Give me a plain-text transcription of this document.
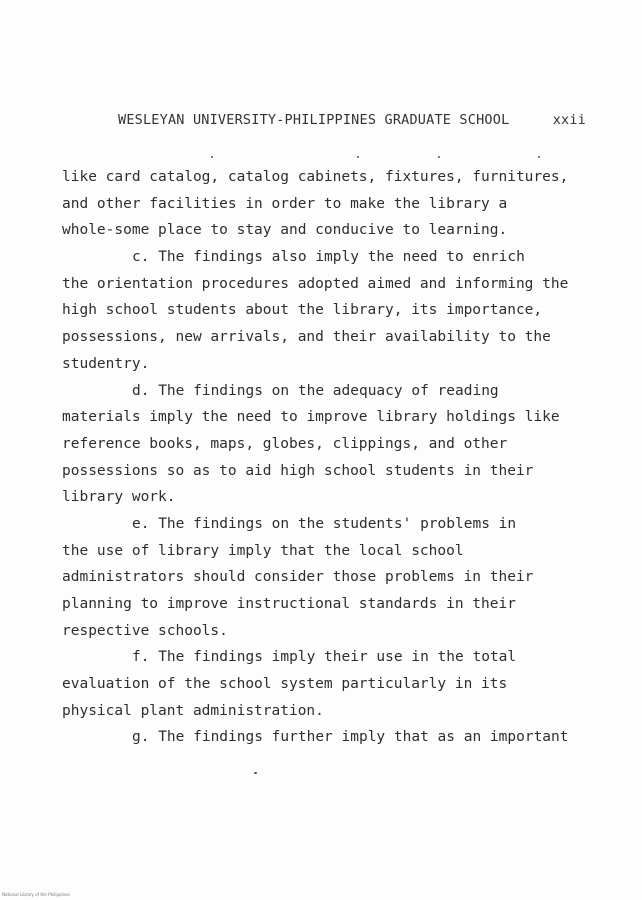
WESLEYAN UNIVERSITY-PHILIPPINES GRADUATE SCHOOL	xxii
like card catalog, catalog cabinets, fixtures, furnitures,
and other facilities in order to make the library a
whole-some place to stay and conducive to learning.
c. The findings also imply the need to enrich
the orientation procedures adopted aimed and informing the
high school students about the library, its importance,
possessions, new arrivals, and their availability to the
studentry.
d. The findings on the adequacy of reading
materials imply the need to improve library holdings like
reference books, maps, globes, clippings, and other
possessions so as to aid high school students in their
library work.
e. The findings on the students' problems in
the use of library imply that the local school
administrators should consider those problems in their
planning to improve instructional standards in their
respective schools.
f. The findings imply their use in the total
evaluation of the school system particularly in its
physical plant administration.
g. The findings further imply that as an important
National Library of the Philippines
